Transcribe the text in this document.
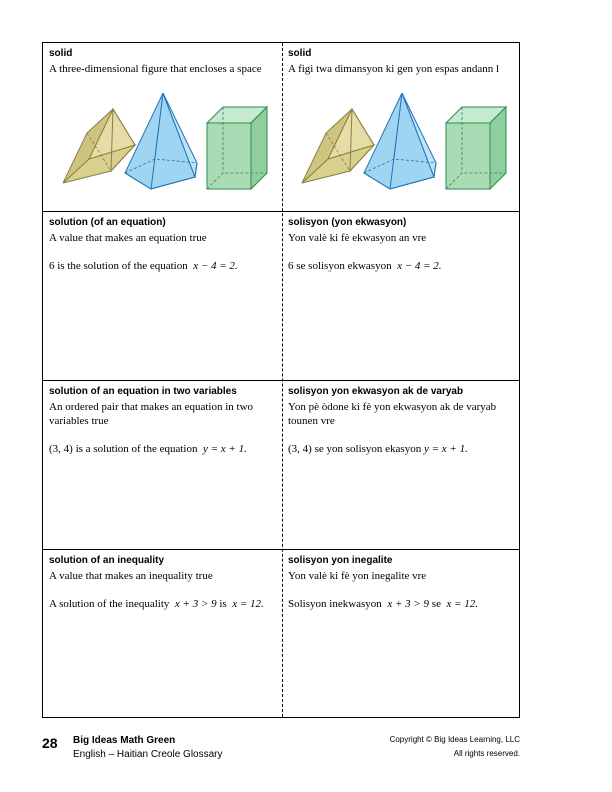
solid

A three-dimensional figure that encloses a space

solid

A figi twa dimansyon ki gen yon espas andann l

solution (of an equation)

A value that makes an equation true

6 is the solution of the equation x − 4 = 2.

solisyon (yon ekwasyon)

Yon valè ki fè ekwasyon an vre

6 se solisyon ekwasyon x − 4 = 2.

solution of an equation in two variables

An ordered pair that makes an equation in two variables true

(3, 4) is a solution of the equation y = x + 1.

solisyon yon ekwasyon ak de varyab

Yon pè òdone ki fè yon ekwasyon ak de varyab tounen vre

(3, 4) se yon solisyon ekasyon y = x + 1.

solution of an inequality

A value that makes an inequality true

A solution of the inequality x + 3 > 9 is x = 12.

solisyon yon inegalite

Yon valè ki fè yon inegalite vre

Solisyon inekwasyon x + 3 > 9 se x = 12.
28 Big Ideas Math Green
English – Haitian Creole Glossary
Copyright © Big Ideas Learning, LLC
All rights reserved.
